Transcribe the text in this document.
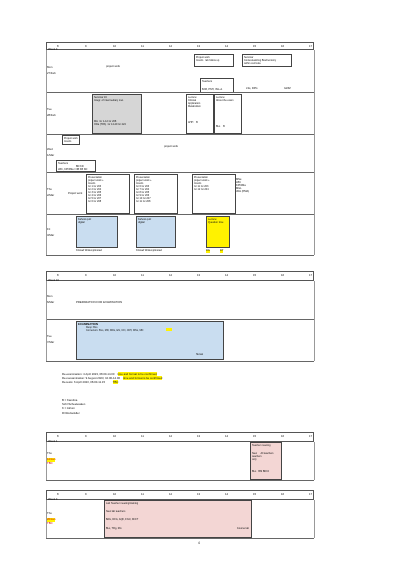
Week 4
8	9	10	11	12	13	14	15	16	17
Mon
27/Feb
project work
Project work
Insulin lab follow up
Seminar
Contextualizing Biochemistry
within curricula
Teachers
BJM, PNH, ISG+1	LSs, DPG	GZZZ
Tue
28/Feb
Seminar 16
Integr. of intermediary met.
MLi  Gr 1-12 Gr 208
ODa (TPA)  Gr 14-29 Gr 224
Lecture:
Clinical
Application
Metabolism
AHH B
Lecture:
About the exam
BLs B
Wed
1/Mar
Project work
Insulin
project work
Teachers
BD KD
LBC, KPN/Ma / NB KB KD
Thu
2/Mar	Project work
Presentation
project work +
Insulin
Gr 1 Gr 203
Gr 2 Gr 204
Gr 3 Gr 205
Gr 4 Gr 206
Gr 5 Gr 207
Gr 6 Gr 208
Presentation
project work +
Insulin
Gr 6 Gr 203
Gr 7 Gr 204
Gr 8 Gr 205
Gr 9 Gr 206
Gr 10 Gr 207
Gr 11 Gr 208
Presentation
project work +
Insulin
Gr 11 Gr 203
Gr 12 Gr 204
MNe
LBC
KPN/Ma
MGL
JDH (PMA)
Fri
3/Mar
Kahoot quiz
digital
Kahoot quiz
digital
Lecture:
Question time
Kristad Widemjöinstad	Kristad Widemjöinstad	DG	DT
8	9	10	11	12	13	14	15	16	17
Week 10
Mon
6/Mar	PREPARATION FOR EXAMINATION
Tue
7/Mar
EXAMINATION
Resp: BLs
Correctors: BLs, MD, MDs, EN, CFl, JDH, MNs, MN
Skrsal
Re-examination: 4 April 2023, 08.00-14.00 time and format is be confirmed
Re-reexamination: 9 August 2023, 10.00-14.00 time and format is be confirmed
Re-tests: 6 April 2023, 08.00-11.15	TBC
B = Karolina
Sch=Scheelesalen
K = Atrium
R=Rockefeller
8	9	10	11	12	13	14	15	16	17
Week 1
Thu
12/Jan
TBC
Teacher meeting
New All teachers
teachers
only
BLs BM BD/IJ
8	9	10	11	12	13	14	15	16	17
Week 4
Thu
26/Jan
TBC
Lab Teacher meeting/training
New lab teachers
BdG, DFG, AQF, FN-F, MrCT
BLs, TRg, RG	Course lab
4
